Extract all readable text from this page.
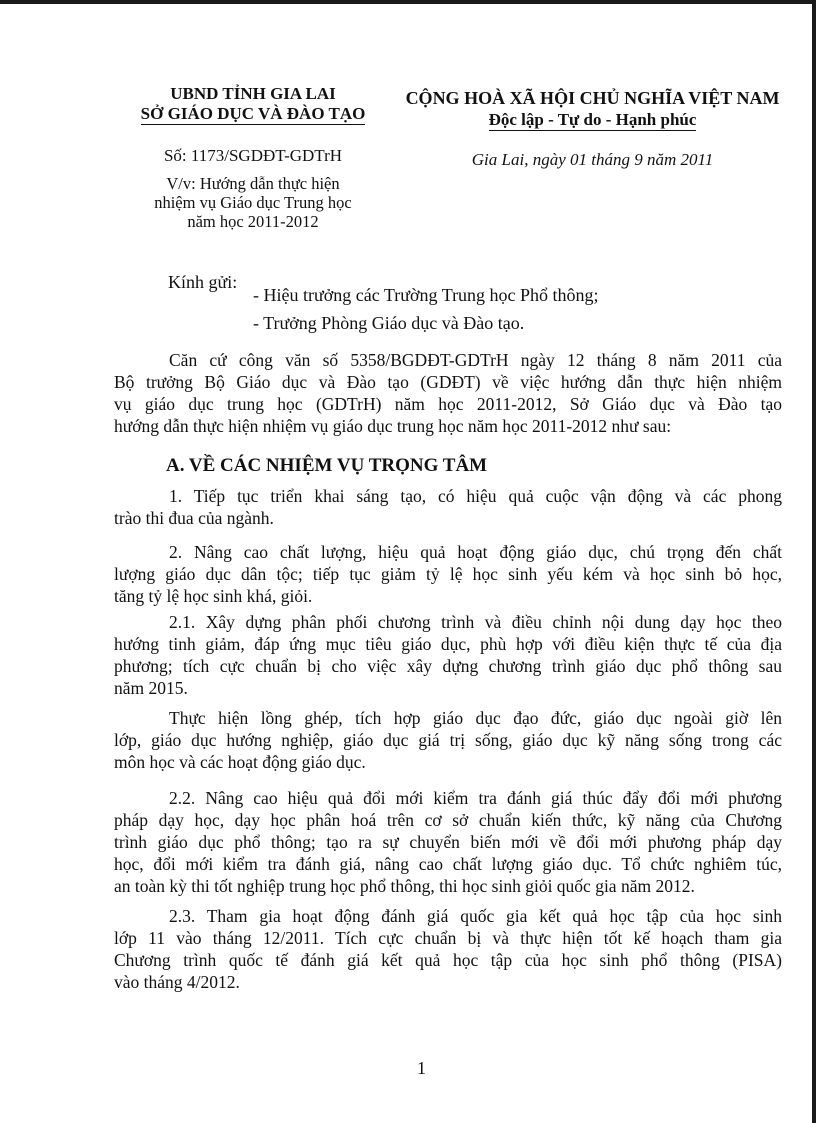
UBND TỈNH GIA LAI
SỞ GIÁO DỤC VÀ ĐÀO TẠO
Số: 1173/SGDĐT-GDTrH
V/v: Hướng dẫn thực hiện
nhiệm vụ Giáo dục Trung học
năm học 2011-2012
CỘNG HOÀ XÃ HỘI CHỦ NGHĨA VIỆT NAM
Độc lập - Tự do - Hạnh phúc
Gia Lai, ngày 01 tháng 9 năm 2011
Kính gửi:
- Hiệu trưởng các Trường Trung học Phổ thông;
- Trưởng Phòng Giáo dục và Đào tạo.
Căn cứ công văn số 5358/BGDĐT-GDTrH ngày 12 tháng 8 năm 2011 của
Bộ trưởng Bộ Giáo dục và Đào tạo (GDĐT) về việc hướng dẫn thực hiện nhiệm
vụ giáo dục trung học (GDTrH) năm học 2011-2012, Sở Giáo dục và Đào tạo
hướng dẫn thực hiện nhiệm vụ giáo dục trung học năm học 2011-2012 như sau:
A. VỀ CÁC NHIỆM VỤ TRỌNG TÂM
1. Tiếp tục triển khai sáng tạo, có hiệu quả cuộc vận động và các phong
trào thi đua của ngành.
2. Nâng cao chất lượng, hiệu quả hoạt động giáo dục, chú trọng đến chất
lượng giáo dục dân tộc; tiếp tục giảm tỷ lệ học sinh yếu kém và học sinh bỏ học,
tăng tỷ lệ học sinh khá, giỏi.
2.1. Xây dựng phân phối chương trình và điều chỉnh nội dung dạy học theo
hướng tinh giảm, đáp ứng mục tiêu giáo dục, phù hợp với điều kiện thực tế của địa
phương; tích cực chuẩn bị cho việc xây dựng chương trình giáo dục phổ thông sau
năm 2015.
Thực hiện lồng ghép, tích hợp giáo dục đạo đức, giáo dục ngoài giờ lên
lớp, giáo dục hướng nghiệp, giáo dục giá trị sống, giáo dục kỹ năng sống trong các
môn học và các hoạt động giáo dục.
2.2. Nâng cao hiệu quả đổi mới kiểm tra đánh giá thúc đẩy đổi mới phương
pháp dạy học, dạy học phân hoá trên cơ sở chuẩn kiến thức, kỹ năng của Chương
trình giáo dục phổ thông; tạo ra sự chuyển biến mới về đổi mới phương pháp dạy
học, đổi mới kiểm tra đánh giá, nâng cao chất lượng giáo dục. Tổ chức nghiêm túc,
an toàn kỳ thi tốt nghiệp trung học phổ thông, thi học sinh giỏi quốc gia năm 2012.
2.3. Tham gia hoạt động đánh giá quốc gia kết quả học tập của học sinh
lớp 11 vào tháng 12/2011. Tích cực chuẩn bị và thực hiện tốt kế hoạch tham gia
Chương trình quốc tế đánh giá kết quả học tập của học sinh phổ thông (PISA)
vào tháng 4/2012.
1
